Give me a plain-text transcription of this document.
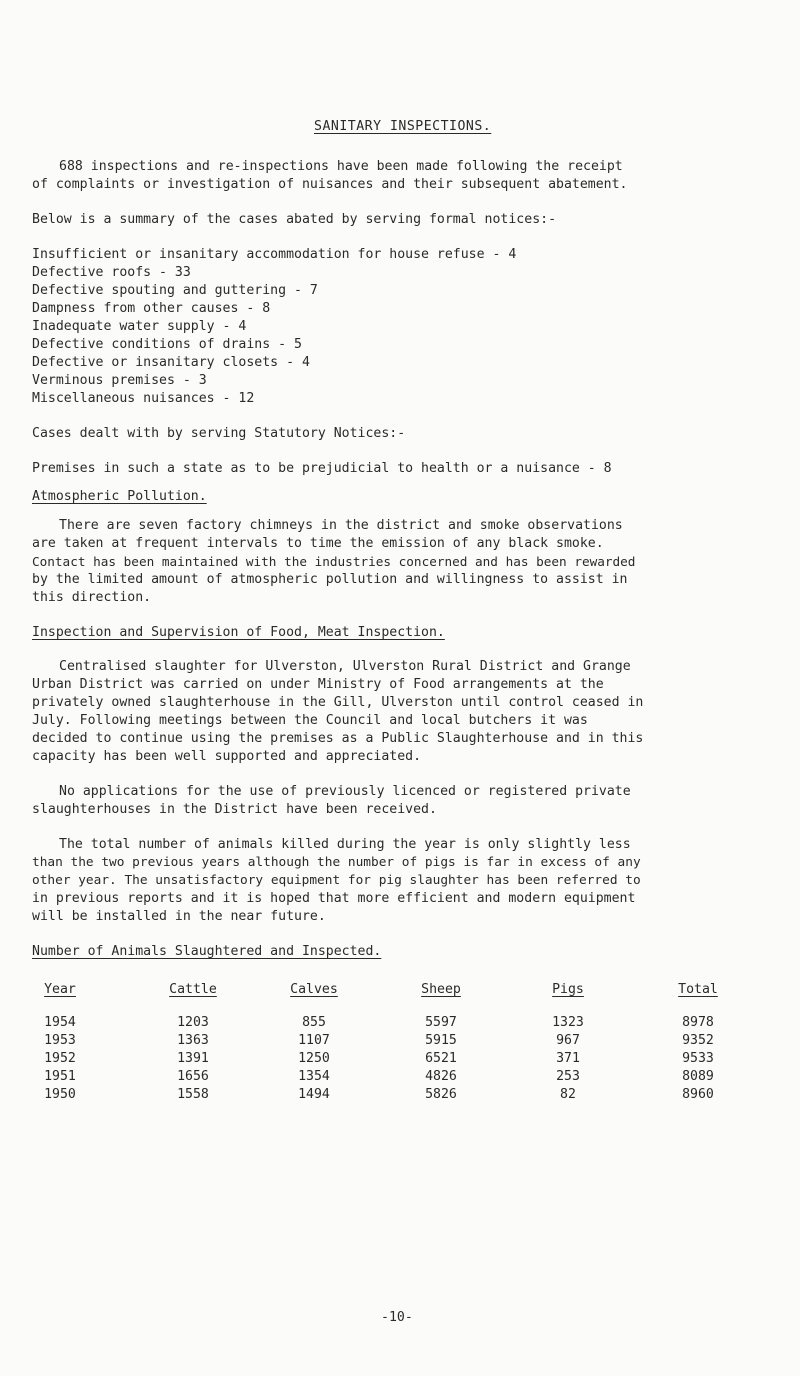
SANITARY INSPECTIONS.
688 inspections and re-inspections have been made following the receipt
of complaints or investigation of nuisances and their subsequent abatement.
Below is a summary of the cases abated by serving formal notices:-
Insufficient or insanitary accommodation for house refuse - 4
Defective roofs - 33
Defective spouting and guttering - 7
Dampness from other causes - 8
Inadequate water supply - 4
Defective conditions of drains - 5
Defective or insanitary closets - 4
Verminous premises - 3
Miscellaneous nuisances - 12
Cases dealt with by serving Statutory Notices:-
Premises in such a state as to be prejudicial to health or a nuisance - 8
Atmospheric Pollution.
There are seven factory chimneys in the district and smoke observations
are taken at frequent intervals to time the emission of any black smoke.
Contact has been maintained with the industries concerned and has been rewarded
by the limited amount of atmospheric pollution and willingness to assist in
this direction.
Inspection and Supervision of Food, Meat Inspection.
Centralised slaughter for Ulverston, Ulverston Rural District and Grange
Urban District was carried on under Ministry of Food arrangements at the
privately owned slaughterhouse in the Gill, Ulverston until control ceased in
July. Following meetings between the Council and local butchers it was
decided to continue using the premises as a Public Slaughterhouse and in this
capacity has been well supported and appreciated.
No applications for the use of previously licenced or registered private
slaughterhouses in the District have been received.
The total number of animals killed during the year is only slightly less
than the two previous years although the number of pigs is far in excess of any
other year. The unsatisfactory equipment for pig slaughter has been referred to
in previous reports and it is hoped that more efficient and modern equipment
will be installed in the near future.
Number of Animals Slaughtered and Inspected.
Year	Cattle	Calves	Sheep	Pigs	Total
1954	1203	855	5597	1323	8978
1953	1363	1107	5915	967	9352
1952	1391	1250	6521	371	9533
1951	1656	1354	4826	253	8089
1950	1558	1494	5826	82	8960
-10-
